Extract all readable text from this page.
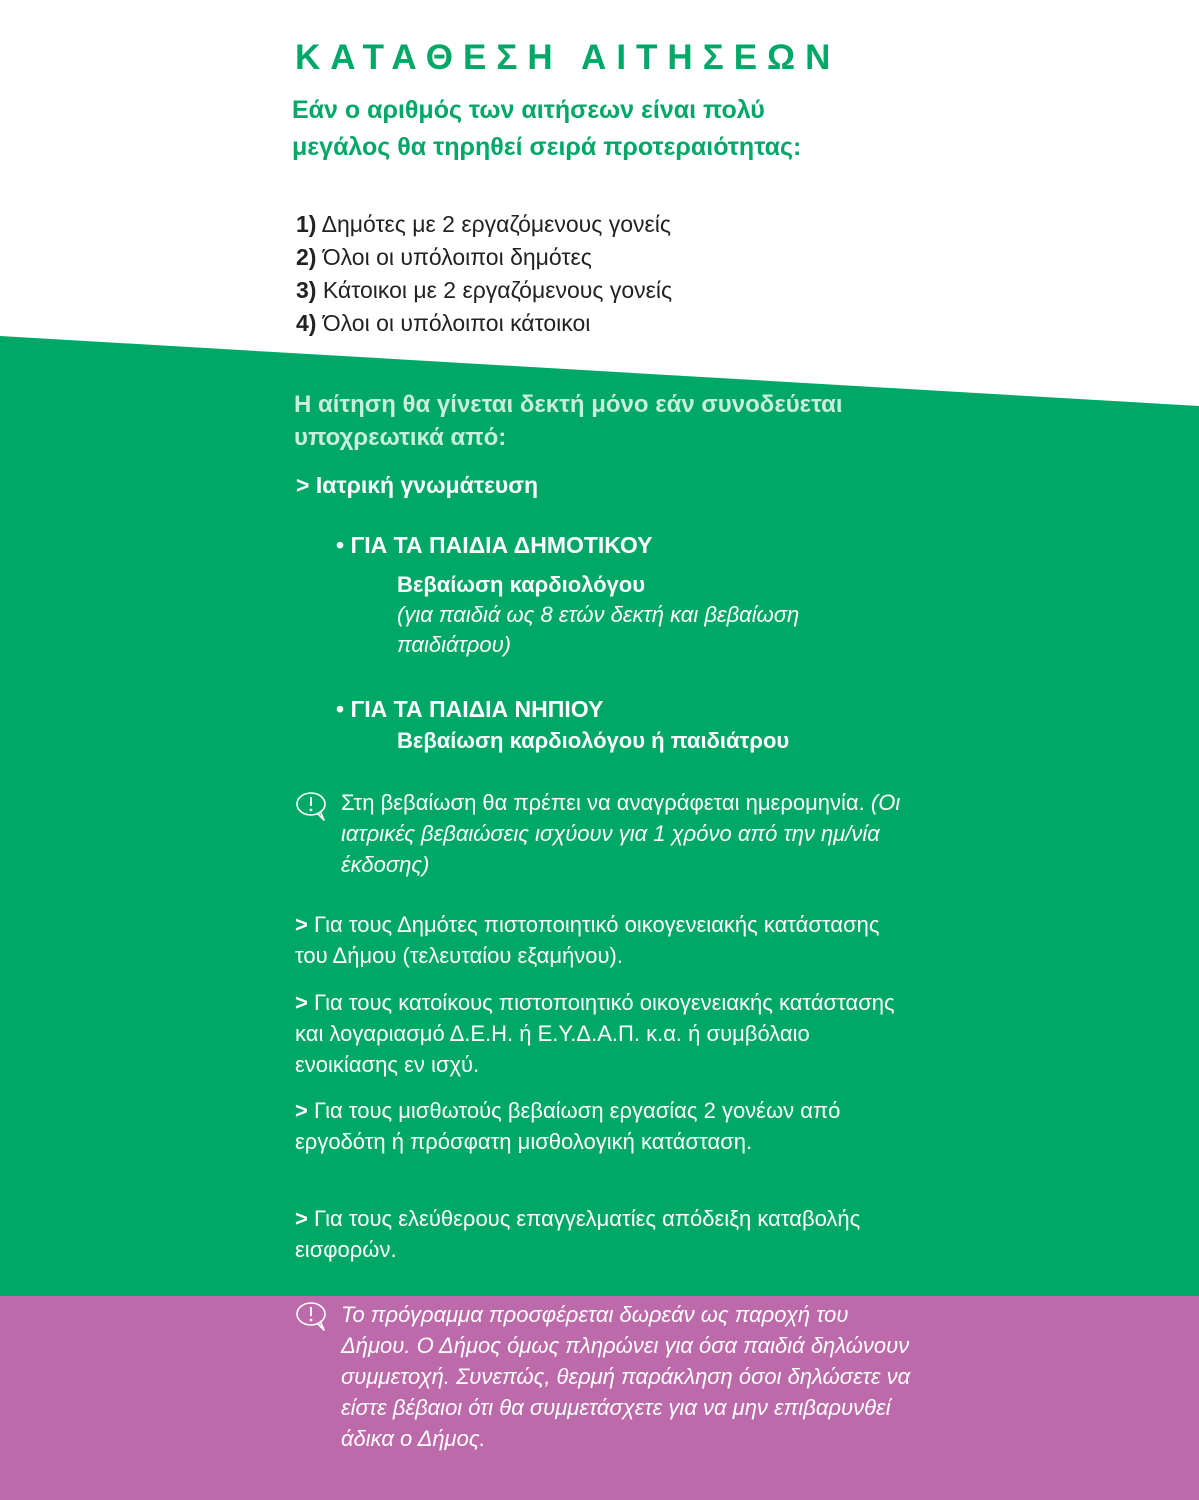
ΚΑΤΑΘΕΣΗ ΑΙΤΗΣΕΩΝ
Εάν ο αριθμός των αιτήσεων είναι πολύ μεγάλος θα τηρηθεί σειρά προτεραιότητας:
1) Δημότες με 2 εργαζόμενους γονείς
2) Όλοι οι υπόλοιποι δημότες
3) Κάτοικοι με 2 εργαζόμενους γονείς
4) Όλοι οι υπόλοιποι κάτοικοι
Η αίτηση θα γίνεται δεκτή μόνο εάν συνοδεύεται υποχρεωτικά από:
> Ιατρική γνωμάτευση
• ΓΙΑ ΤΑ ΠΑΙΔΙΑ ΔΗΜΟΤΙΚΟΥ
Βεβαίωση καρδιολόγου
(για παιδιά ως 8 ετών δεκτή και βεβαίωση παιδιάτρου)
• ΓΙΑ ΤΑ ΠΑΙΔΙΑ ΝΗΠΙΟΥ
Βεβαίωση καρδιολόγου ή παιδιάτρου
Στη βεβαίωση θα πρέπει να αναγράφεται ημερομηνία. (Οι ιατρικές βεβαιώσεις ισχύουν για 1 χρόνο από την ημ/νία έκδοσης)
> Για τους Δημότες πιστοποιητικό οικογενειακής κατάστασης του Δήμου (τελευταίου εξαμήνου).
> Για τους κατοίκους πιστοποιητικό οικογενειακής κατάστασης και λογαριασμό Δ.Ε.Η. ή Ε.Υ.Δ.Α.Π. κ.α. ή συμβόλαιο ενοικίασης εν ισχύ.
> Για τους μισθωτούς βεβαίωση εργασίας 2 γονέων από εργοδότη ή πρόσφατη μισθολογική κατάσταση.
> Για τους ελεύθερους επαγγελματίες απόδειξη καταβολής εισφορών.
Το πρόγραμμα προσφέρεται δωρεάν ως παροχή του Δήμου. Ο Δήμος όμως πληρώνει για όσα παιδιά δηλώνουν συμμετοχή. Συνεπώς, θερμή παράκληση όσοι δηλώσετε να είστε βέβαιοι ότι θα συμμετάσχετε για να μην επιβαρυνθεί άδικα ο Δήμος.
